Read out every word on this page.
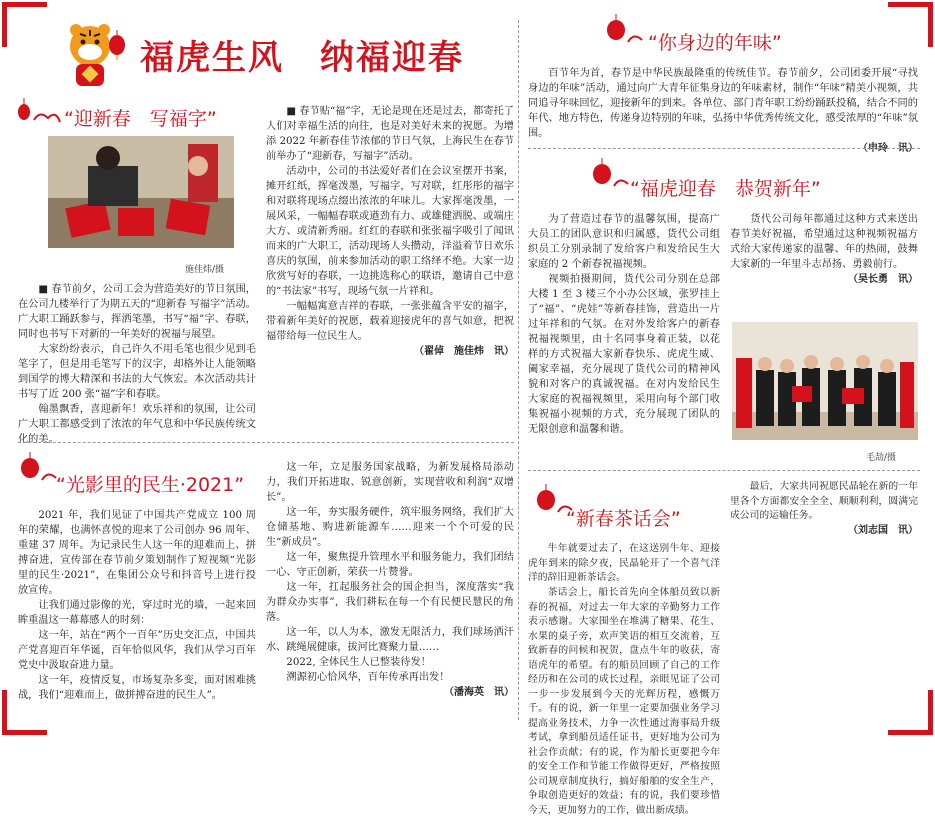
福虎生风　纳福迎春
“迎新春　写福字”
施佳炜/摄

■ 春节前夕，公司工会为营造美好的节日氛围，在公司九楼举行了为期五天的“迎新春 写福字”活动。广大职工踊跃参与，挥洒笔墨，书写“福”字、春联，同时也书写下对新的一年美好的祝福与展望。

大家纷纷表示，自己许久不用毛笔也很少见到毛笔字了，但是用毛笔写下的汉字，却格外让人能领略到国学的博大精深和书法的大气恢宏。本次活动共计书写了近 200 张“福”字和春联。

翰墨飘香，喜迎新年！欢乐祥和的氛围，让公司广大职工都感受到了浓浓的年气息和中华民族传统文化的美。

■ 春节贴“福”字，无论是现在还是过去，都寄托了人们对幸福生活的向往，也是对美好未来的祝愿。为增添 2022 年新春佳节浓郁的节日气氛，上海民生在春节前举办了“迎新春，写福字”活动。

活动中，公司的书法爱好者们在会议室摆开书案，摊开红纸，挥毫泼墨，写福字，写对联，红彤彤的福字和对联将现场点缀出浓浓的年味儿。大家挥毫泼墨，一展风采，一幅幅春联或遒劲有力、或雄健洒脱、或端庄大方、或清新秀丽。红红的春联和张张福字吸引了闻讯而来的广大职工，活动现场人头攒动，洋溢着节日欢乐喜庆的氛围，前来参加活动的职工络绎不绝。大家一边欣赏写好的春联，一边挑选称心的联语，邀请自己中意的“书法家”书写，现场气氛一片祥和。

一幅幅寓意吉祥的春联，一张张蕴含平安的福字，带着新年美好的祝愿，载着迎接虎年的喜气如意，把祝福带给每一位民生人。

（翟倬　施佳炜　讯）
“你身边的年味”

百节年为首，春节是中华民族最隆重的传统佳节。春节前夕，公司团委开展“寻找身边的年味”活动，通过向广大青年征集身边的年味素材，制作“年味”精美小视频，共同追寻年味回忆，迎接新年的到来。各单位、部门青年职工纷纷踊跃投稿，结合不同的年代、地方特色，传递身边特别的年味，弘扬中华优秀传统文化，感受浓厚的“年味”氛围。

（申玲　讯）
“福虎迎春　恭贺新年”

为了营造过春节的温馨氛围，提高广大员工的团队意识和归属感，货代公司组织员工分别录制了发给客户和发给民生大家庭的 2 个新春祝福视频。

视频拍摄期间，货代公司分别在总部大楼 1 至 3 楼三个小办公区域，张罗挂上了“福”、“虎娃”等新春挂饰，营造出一片过年祥和的气氛。在对外发给客户的新春祝福视频里，由十名同事身着正装，以花样的方式祝福大家新春快乐、虎虎生威、阖家幸福，充分展现了货代公司的精神风貌和对客户的真诚祝福。在对内发给民生大家庭的祝福视频里，采用向每个部门收集祝福小视频的方式，充分展现了团队的无限创意和温馨和谐。

货代公司每年都通过这种方式来送出春节美好祝福，希望通过这种视频祝福方式给大家传递家的温馨、年的热闹，鼓舞大家新的一年里斗志昂扬、勇毅前行。

（吴长勇　讯）
毛劼/摄
“光影里的民生·2021”

2021 年，我们见证了中国共产党成立 100 周年的荣耀，也满怀喜悦的迎来了公司创办 96 周年、重建 37 周年。为记录民生人这一年的迎难而上、拼搏奋进，宣传部在春节前夕策划制作了短视频“光影里的民生·2021”，在集团公众号和抖音号上进行投放宣传。

让我们通过影像的光，穿过时光的墙，一起来回眸重温这一幕幕感人的时刻：

这一年，站在“两个一百年”历史交汇点，中国共产党喜迎百年华诞，百年恰似风华，我们从学习百年党史中汲取奋进力量。

这一年，疫情反复，市场复杂多变，面对困难挑战，我们“迎难而上，做拼搏奋进的民生人”。

这一年，立足服务国家战略，为新发展格局添动力，我们开拓进取、锐意创新，实现营收和利润“双增长”。

这一年，夯实服务硬件，筑牢服务网络，我们扩大仓储基地、购进新能源车……迎来一个个可爱的民生“新成员”。

这一年，聚焦提升管理水平和服务能力，我们团结一心、守正创新，荣获一片赞誉。

这一年，扛起服务社会的国企担当，深度落实“我为群众办实事”，我们耕耘在每一个有民便民慧民的角落。

这一年，以人为本，激发无限活力，我们球场洒汗水、跳绳展健康，拔河比赛聚力量……

2022, 全体民生人已整装待发！

溯源初心恰风华，百年传承再出发！

（潘海英　讯）
“新春茶话会”

牛年就要过去了，在这送别牛年、迎接虎年到来的除夕夜，民晶轮开了一个喜气洋洋的辞旧迎新茶话会。

最后，大家共同祝愿民晶轮在新的一年里各个方面都安全全全、顺顺利利，圆满完成公司的运输任务。

（刘志国　讯）

茶话会上，船长首先向全体船员致以新春的祝福，对过去一年大家的辛勤努力工作表示感谢。大家围坐在堆满了糖果、花生、水果的桌子旁，欢声笑语的相互交流着，互致新春的问候和祝贺，盘点牛年的收获，寄语虎年的希望。有的船员回顾了自己的工作经历和在公司的成长过程，亲眼见证了公司一步一步发展到今天的光辉历程，感慨万千。有的说，新一年里一定要加强业务学习提高业务技术，力争一次性通过海事局升级考试，拿到船员适任证书，更好地为公司为社会作贡献；有的说，作为船长更要把今年的安全工作和节能工作做得更好，严格按照公司规章制度执行，搞好船舶的安全生产，争取创造更好的效益；有的说，我们要珍惜今天，更加努力的工作，做出新成绩。
